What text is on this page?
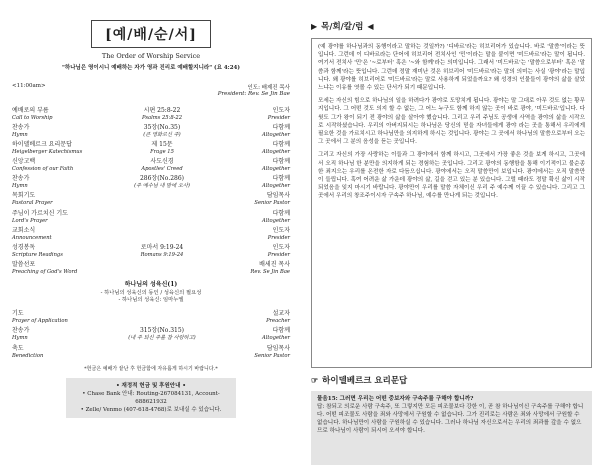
[예/배/순/서]
The Order of Worship Service
"하나님은 영이시니 예배하는 자가 영과 진리로 예배할지니라" (요 4:24)
<11:00am>	인도: 배제진 목사
President: Rev. Se Jin Bae
예배로의 부름
Call to Worship
시편 25:8-22
Psalms 25:8-22
인도자
Presider
찬송가
Hymn
35장(No.35)
(큰 영화로신 주)
다함께
Altogether
하이델베르크 요리문답
Heigelberger Katechismus
제 15문
Frage 15
다함께
Altogether
신앙고백
Confession of our Faith
사도신경
Apostles' Creed
다함께
Altogether
찬송가
Hymn
286장(No.286)
(주 예수님 내 맘에 오사)
다함께
Altogether
목회기도
Pastoral Prayer
담임목사
Senior Pastor
주님이 가르치신 기도
Lord's Prayer
다함께
Altogether
교회소식
Announcement
인도자
Presider
성경봉독
Scripture Readings
로마서 9:19-24
Romans 9:19-24
인도자
Presider
말씀선포
Preaching of God's Word
배세진 목사
Rev. Se Jin Bae
하나님의 성육신(1)
- 하나님의 성육신의 동인 / 성육신의 필요성
- 하나님의 성육신: 임마누엘
기도
Prayer of Application
설교자
Preacher
찬송가
Hymn
315장(No.315)
(내 주 되신 주를 참 사랑하고)
다함께
Altogether
축도
Benediction
담임목사
Senior Pastor
*헌금은 예배가 끝난 후 헌금함에 자유롭게 하시기 바랍니다.*
• 재정적 헌금 및 후원안내 •
• Chase Bank 안내: Routing-267084131, Account-688621932
• Zelle/ Venmo (407-618-4768)로 보내실 수 있습니다.
▶ 목/회/칼/럼 ◀

(예 광야를 하나님과의 동행이라고 말하는 것일까?) '디바르'라는 히브리어가 있습니다. 바로 '말씀'이라는 뜻입니다. 그런데 이 디바르라는 단어에 히브리어 전치사인 '민'이라는 말을 붙이면 '미드바르'라는 말이 됩니다. 여기서 전치사 '민'은 '~로부터' 혹은 '~와 함께'라는 의미입니다. 그래서 '미드바르'는 '말씀으로부터' 혹은 '말씀과 함께'라는 뜻입니다. 그런데 정말 재미난 것은 히브리어 '미드바르'라는 말의 의미는 사실 '광야'라는 말입니다. 왜 광야를 히브리어로 '미드바르'라는 말로 사용하게 되었을까요? 왜 성경의 인물들이 광야의 삶을 살았느냐는 이유를 엿볼 수 있는 단서가 되기 때문입니다.

모세는 자신의 힘으로 하나님의 일을 하려다가 광야로 도망치게 됩니다. 광야는 말 그대로 아무 것도 없는 황무지입니다. 그 어떤 것도 의지 할 수 없는, 그 어느 누구도 함께 하지 않는 곳이 바로 광야, '미드바르'입니다. 다윗도 그가 왕이 되기 전 광야의 삶을 살아야 했습니다. 그리고 우리 주님도 공생애 사역을 광야의 삶을 시작으로 시작하셨습니다. 우리의 아버지되시는 하나님은 당신의 믿을 자녀들에게 광야 라는 곳을 통해서 우리에게 필요한 것을 가르치시고 하나님만을 의지하게 하시는 것입니다. 광야는 그 곳에서 하나님의 말씀으로부터 오는 그 곳에서 그 분의 음성을 듣는 곳입니다.

그리고 자신의 가장 사랑하는 이들과 그 광야에서 함께 하시고, 그곳에서 가장 좋은 것을 보게 하시고, 그곳에서 오직 하나님 한 분만을 의지하게 되는 경험하는 곳입니다. 그리고 광야의 동행함을 통해 이기적이고 불순종한 죄지으는 우리를 온전한 자로 다듬으십니다. 광야에서는 오직 말씀만이 보입니다. 광야에서는 오직 말씀만이 들립니다. 혹여 어려운 삶 가운데 광야의 삶, 길을 걷고 있는 분 있습니다. 그럴 때라도 정말 확신 삶이 시작되었음을 잊지 마시기 바랍니다. 광야만이 우리를 말씀 자체이신 우리 주 예수께 이끌 수 있습니다. 그리고 그 곳에서 우리의 창조주이시자 구속주 하나님, 예수를 만나게 되는 것입니다.

☞ 하이델베르크 요리문답
물음15: 그러면 우리는 어떤 중보자와 구속주를 구해야 합니까?
답: 참되고 의로운 사람 구속주, 또 그렇지만 모든 피조물보다 강한 이, 곧 참 하나님이신 구속주를 구해야 합니다. 어떤 피조물도 사람을 죄와 사망에서 구원할 수 없습니다. 그가 진리로는 사람은 죄와 사망에서 구원할 수 없습니다. 하나님만이 사람을 구원하실 수 있습니다. 그러나 하나님 자신으로서는 우리의 죄과를 갚을 수 없으므로 하나님이 사람이 되시어 오셔야 합니다.
